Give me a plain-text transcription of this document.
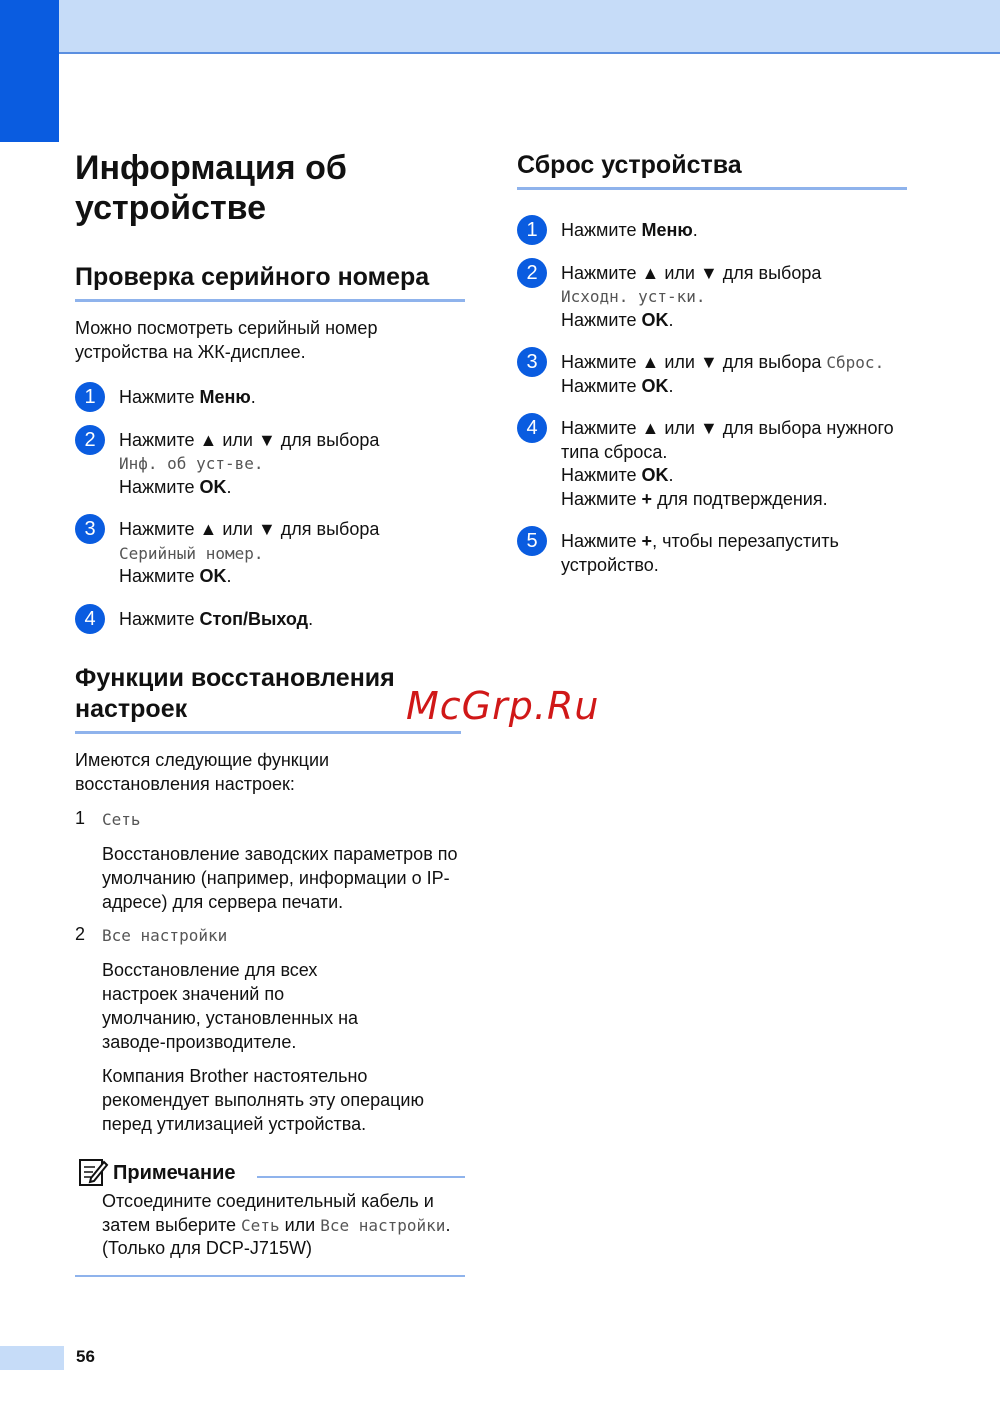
Информация об устройстве
Проверка серийного номера

Можно посмотреть серийный номер устройства на ЖК-дисплее.

1	Нажмите Меню.
2	Нажмите ▲ или ▼ для выбора
Инф. об уст-ве.
Нажмите OK.
3	Нажмите ▲ или ▼ для выбора
Серийный номер.
Нажмите OK.
4	Нажмите Стоп/Выход.
Функции восстановления настроек

Имеются следующие функции восстановления настроек:

1 Сеть
Восстановление заводских параметров по умолчанию (например, информации о IP-адресе) для сервера печати.
2 Все настройки
Восстановление для всех настроек значений по умолчанию, установленных на заводе-производителе.
Компания Brother настоятельно рекомендует выполнять эту операцию перед утилизацией устройства.
Примечание
Отсоедините соединительный кабель и затем выберите Сеть или Все настройки. (Только для DCP-J715W)
Сброс устройства
1	Нажмите Меню.
2	Нажмите ▲ или ▼ для выбора
Исходн. уст-ки.
Нажмите OK.
3	Нажмите ▲ или ▼ для выбора Сброс.
Нажмите OK.
4	Нажмите ▲ или ▼ для выбора нужного типа сброса.
Нажмите OK.
Нажмите + для подтверждения.
5	Нажмите +, чтобы перезапустить устройство.
McGrp.Ru
56
